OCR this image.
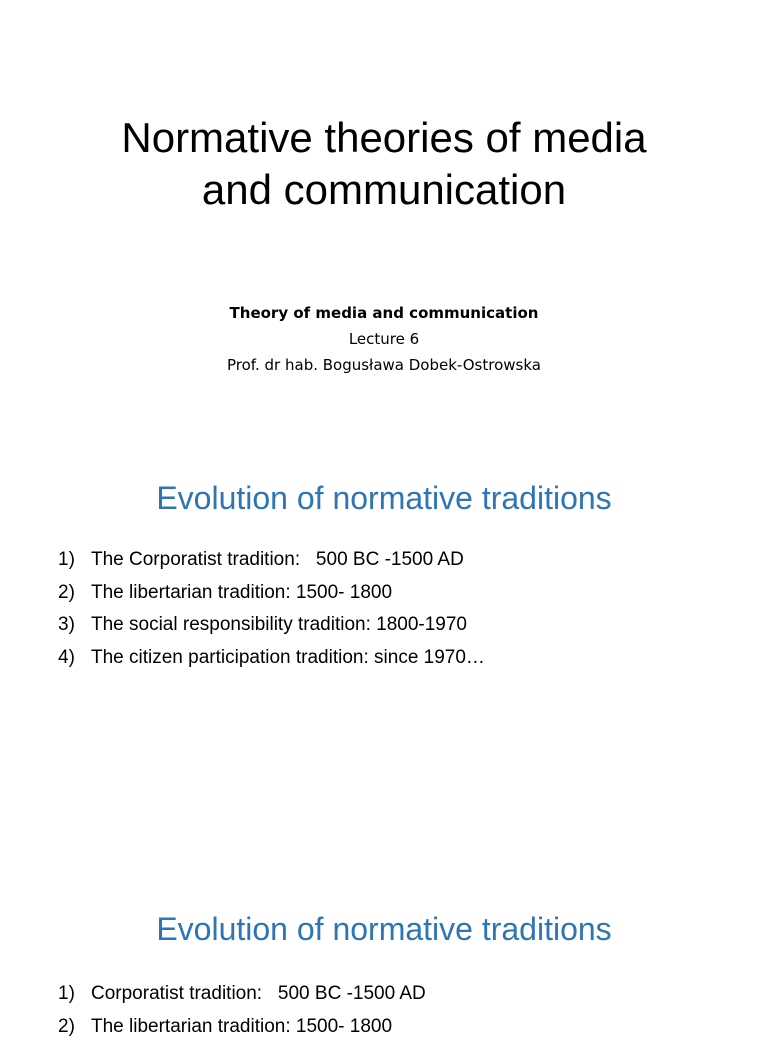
Normative theories of media
and communication
Theory of media and communication
Lecture 6
Prof. dr hab. Bogusława Dobek-Ostrowska
Evolution of normative traditions
1) The Corporatist tradition:   500 BC -1500 AD
2) The libertarian tradition: 1500- 1800
3) The social responsibility tradition: 1800-1970
4) The citizen participation tradition: since 1970…
Evolution of normative traditions
1) Corporatist tradition:   500 BC -1500 AD
2) The libertarian tradition: 1500- 1800
